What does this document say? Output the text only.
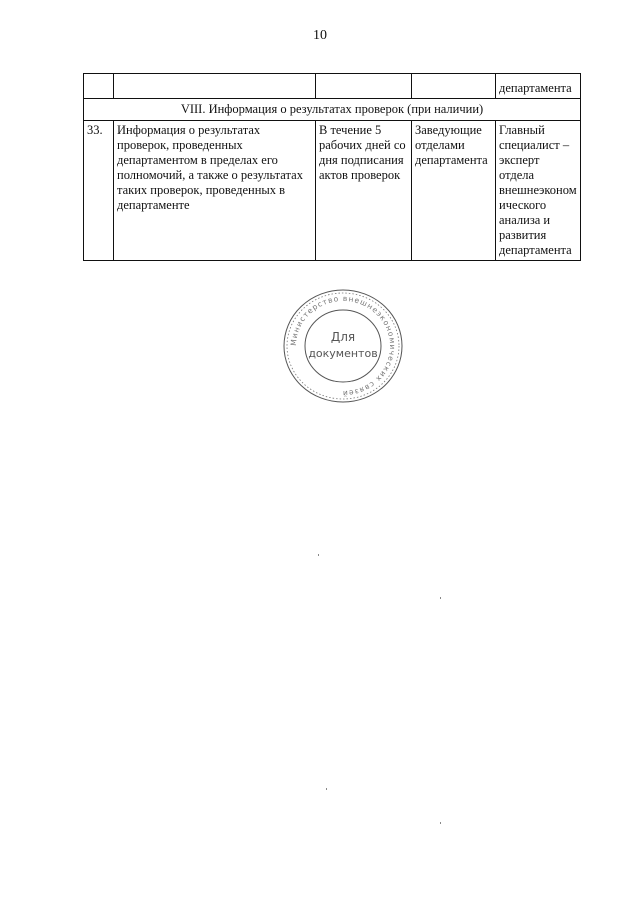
10
				департамента
VIII. Информация о результатах проверок (при наличии)				
33.	Информация о результатах проверок, проведенных департаментом в пределах его полномочий, а также о результатах таких проверок, проведенных в департаменте	В течение 5 рабочих дней со дня подписания актов проверок	Заведующие отделами департамента	Главный специалист – эксперт отдела внешнеэконом ического анализа и развития департамента
Министерство внешнеэкономических связей
Для
документов
